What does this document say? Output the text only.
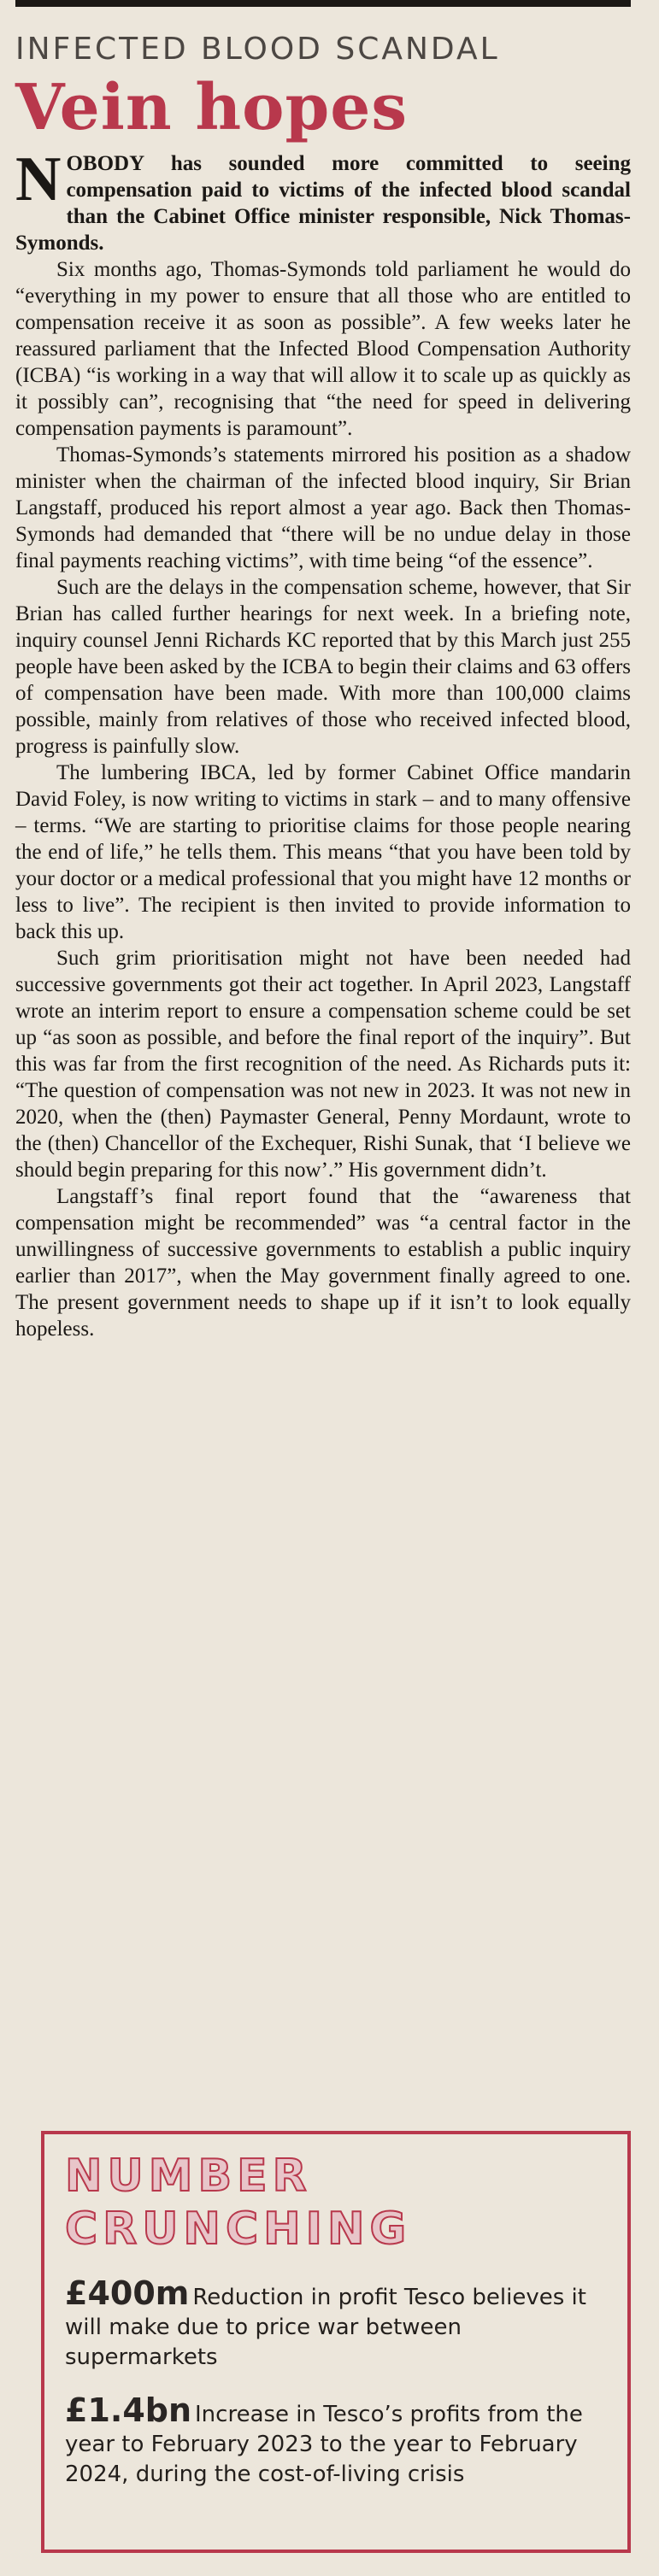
INFECTED BLOOD SCANDAL

Vein hopes

NOBODY has sounded more committed to seeing compensation paid to victims of the infected blood scandal than the Cabinet Office minister responsible, Nick Thomas-Symonds.

Six months ago, Thomas-Symonds told parliament he would do “everything in my power to ensure that all those who are entitled to compensation receive it as soon as possible”. A few weeks later he reassured parliament that the Infected Blood Compensation Authority (ICBA) “is working in a way that will allow it to scale up as quickly as it possibly can”, recognising that “the need for speed in delivering compensation payments is paramount”.

Thomas-Symonds’s statements mirrored his position as a shadow minister when the chairman of the infected blood inquiry, Sir Brian Langstaff, produced his report almost a year ago. Back then Thomas-Symonds had demanded that “there will be no undue delay in those final payments reaching victims”, with time being “of the essence”.

Such are the delays in the compensation scheme, however, that Sir Brian has called further hearings for next week. In a briefing note, inquiry counsel Jenni Richards KC reported that by this March just 255 people have been asked by the ICBA to begin their claims and 63 offers of compensation have been made. With more than 100,000 claims possible, mainly from relatives of those who received infected blood, progress is painfully slow.

The lumbering IBCA, led by former Cabinet Office mandarin David Foley, is now writing to victims in stark – and to many offensive – terms. “We are starting to prioritise claims for those people nearing the end of life,” he tells them. This means “that you have been told by your doctor or a medical professional that you might have 12 months or less to live”. The recipient is then invited to provide information to back this up.

Such grim prioritisation might not have been needed had successive governments got their act together. In April 2023, Langstaff wrote an interim report to ensure a compensation scheme could be set up “as soon as possible, and before the final report of the inquiry”. But this was far from the first recognition of the need. As Richards puts it: “The question of compensation was not new in 2023. It was not new in 2020, when the (then) Paymaster General, Penny Mordaunt, wrote to the (then) Chancellor of the Exchequer, Rishi Sunak, that ‘I believe we should begin preparing for this now’.” His government didn’t.

Langstaff’s final report found that the “awareness that compensation might be recommended” was “a central factor in the unwillingness of successive governments to establish a public inquiry earlier than 2017”, when the May government finally agreed to one. The present government needs to shape up if it isn’t to look equally hopeless.

NUMBER

CRUNCHING

£400m Reduction in profit Tesco believes it will make due to price war between supermarkets
£1.4bn Increase in Tesco’s profits from the year to February 2023 to the year to February 2024, during the cost-of-living crisis
